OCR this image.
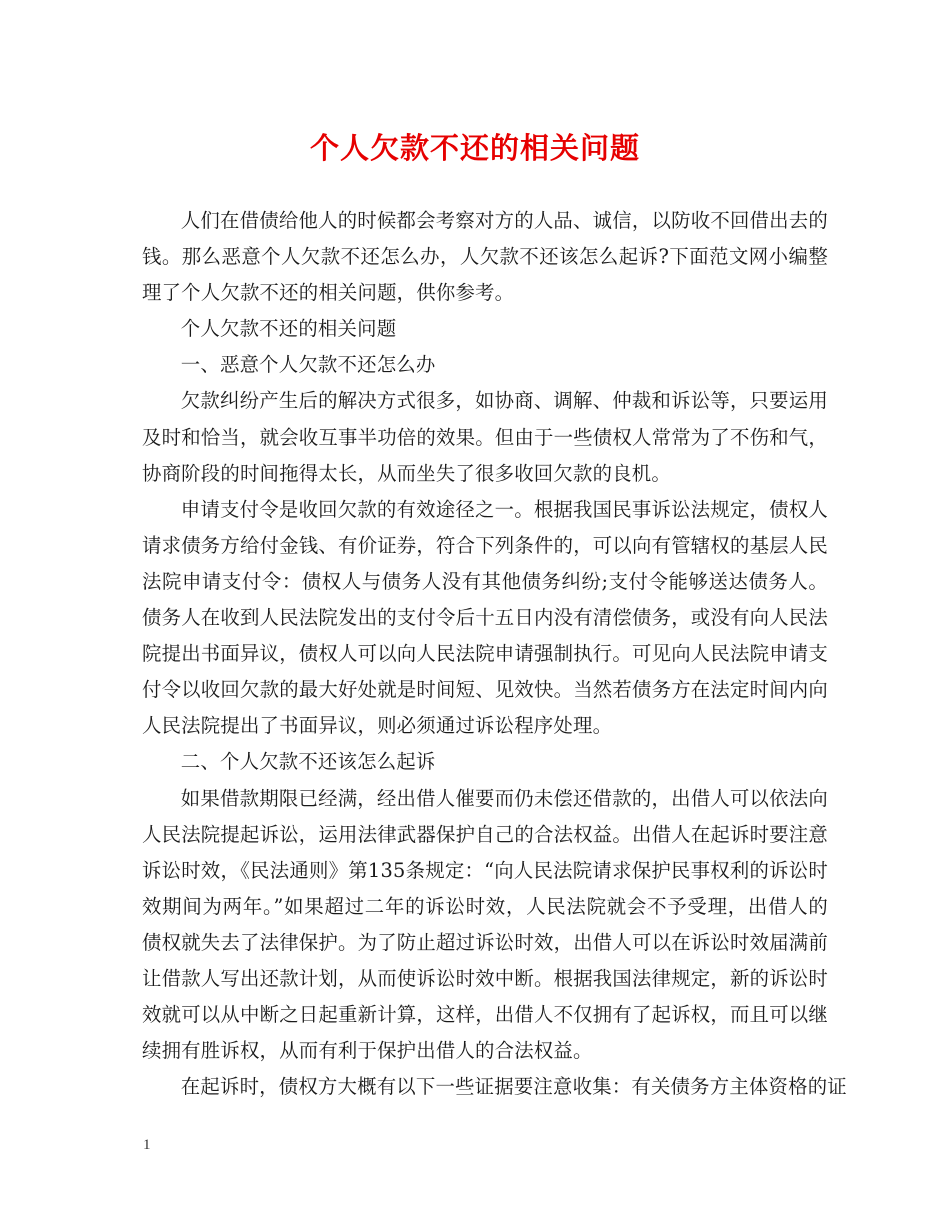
个人欠款不还的相关问题

人们在借债给他人的时候都会考察对方的人品、诚信，以防收不回借出去的钱。那么恶意个人欠款不还怎么办，人欠款不还该怎么起诉?下面范文网小编整理了个人欠款不还的相关问题，供你参考。

个人欠款不还的相关问题

一、恶意个人欠款不还怎么办

欠款纠纷产生后的解决方式很多，如协商、调解、仲裁和诉讼等，只要运用及时和恰当，就会收互事半功倍的效果。但由于一些债权人常常为了不伤和气，协商阶段的时间拖得太长，从而坐失了很多收回欠款的良机。

申请支付令是收回欠款的有效途径之一。根据我国民事诉讼法规定，债权人请求债务方给付金钱、有价证券，符合下列条件的，可以向有管辖权的基层人民法院申请支付令：债权人与债务人没有其他债务纠纷;支付令能够送达债务人。债务人在收到人民法院发出的支付令后十五日内没有清偿债务，或没有向人民法院提出书面异议，债权人可以向人民法院申请强制执行。可见向人民法院申请支付令以收回欠款的最大好处就是时间短、见效快。当然若债务方在法定时间内向人民法院提出了书面异议，则必须通过诉讼程序处理。

二、个人欠款不还该怎么起诉

如果借款期限已经满，经出借人催要而仍未偿还借款的，出借人可以依法向人民法院提起诉讼，运用法律武器保护自己的合法权益。出借人在起诉时要注意诉讼时效，《民法通则》第135条规定：“向人民法院请求保护民事权利的诉讼时效期间为两年。”如果超过二年的诉讼时效，人民法院就会不予受理，出借人的债权就失去了法律保护。为了防止超过诉讼时效，出借人可以在诉讼时效届满前让借款人写出还款计划，从而使诉讼时效中断。根据我国法律规定，新的诉讼时效就可以从中断之日起重新计算，这样，出借人不仅拥有了起诉权，而且可以继续拥有胜诉权，从而有利于保护出借人的合法权益。

在起诉时，债权方大概有以下一些证据要注意收集：有关债务方主体资格的证

1
